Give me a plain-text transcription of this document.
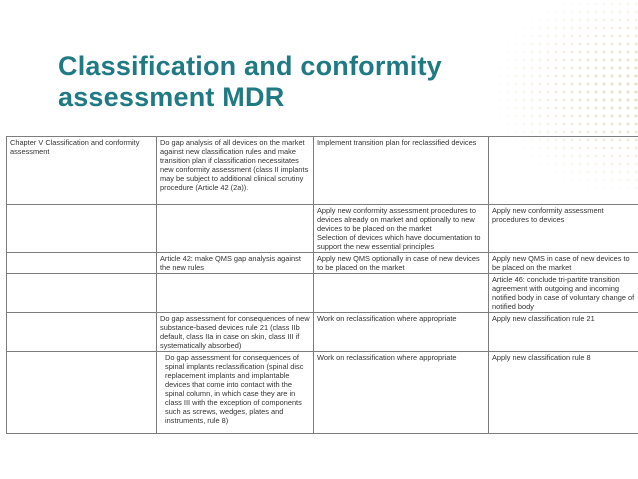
Classification and conformity
assessment MDR
Chapter V Classification and conformity assessment	Do gap analysis of all devices on the market against new classification rules and make transition plan if classification necessitates new conformity assessment (class II implants may be subject to additional clinical scrutiny procedure (Article 42 (2a)).	Implement transition plan for reclassified devices	
		Apply new conformity assessment procedures to devices already on market and optionally to new devices to be placed on the market
Selection of devices which have documentation to support the new essential principles	Apply new conformity assessment procedures to devices
	Article 42: make QMS gap analysis against the new rules	Apply new QMS optionally in case of new devices to be placed on the market	Apply new QMS in case of new devices to be placed on the market
			Article 46: conclude tri-partite transition agreement with outgoing and incoming notified body in case of voluntary change of notified body
	Do gap assessment for consequences of new substance-based devices rule 21 (class IIb default, class IIa in case on skin, class III if systematically absorbed)	Work on reclassification where appropriate	Apply new classification rule 21
	Do gap assessment for consequences of spinal implants reclassification (spinal disc replacement implants and implantable devices that come into contact with the spinal column, in which case they are in class III with the exception of components such as screws, wedges, plates and instruments, rule 8)	Work on reclassification where appropriate	Apply new classification rule 8
